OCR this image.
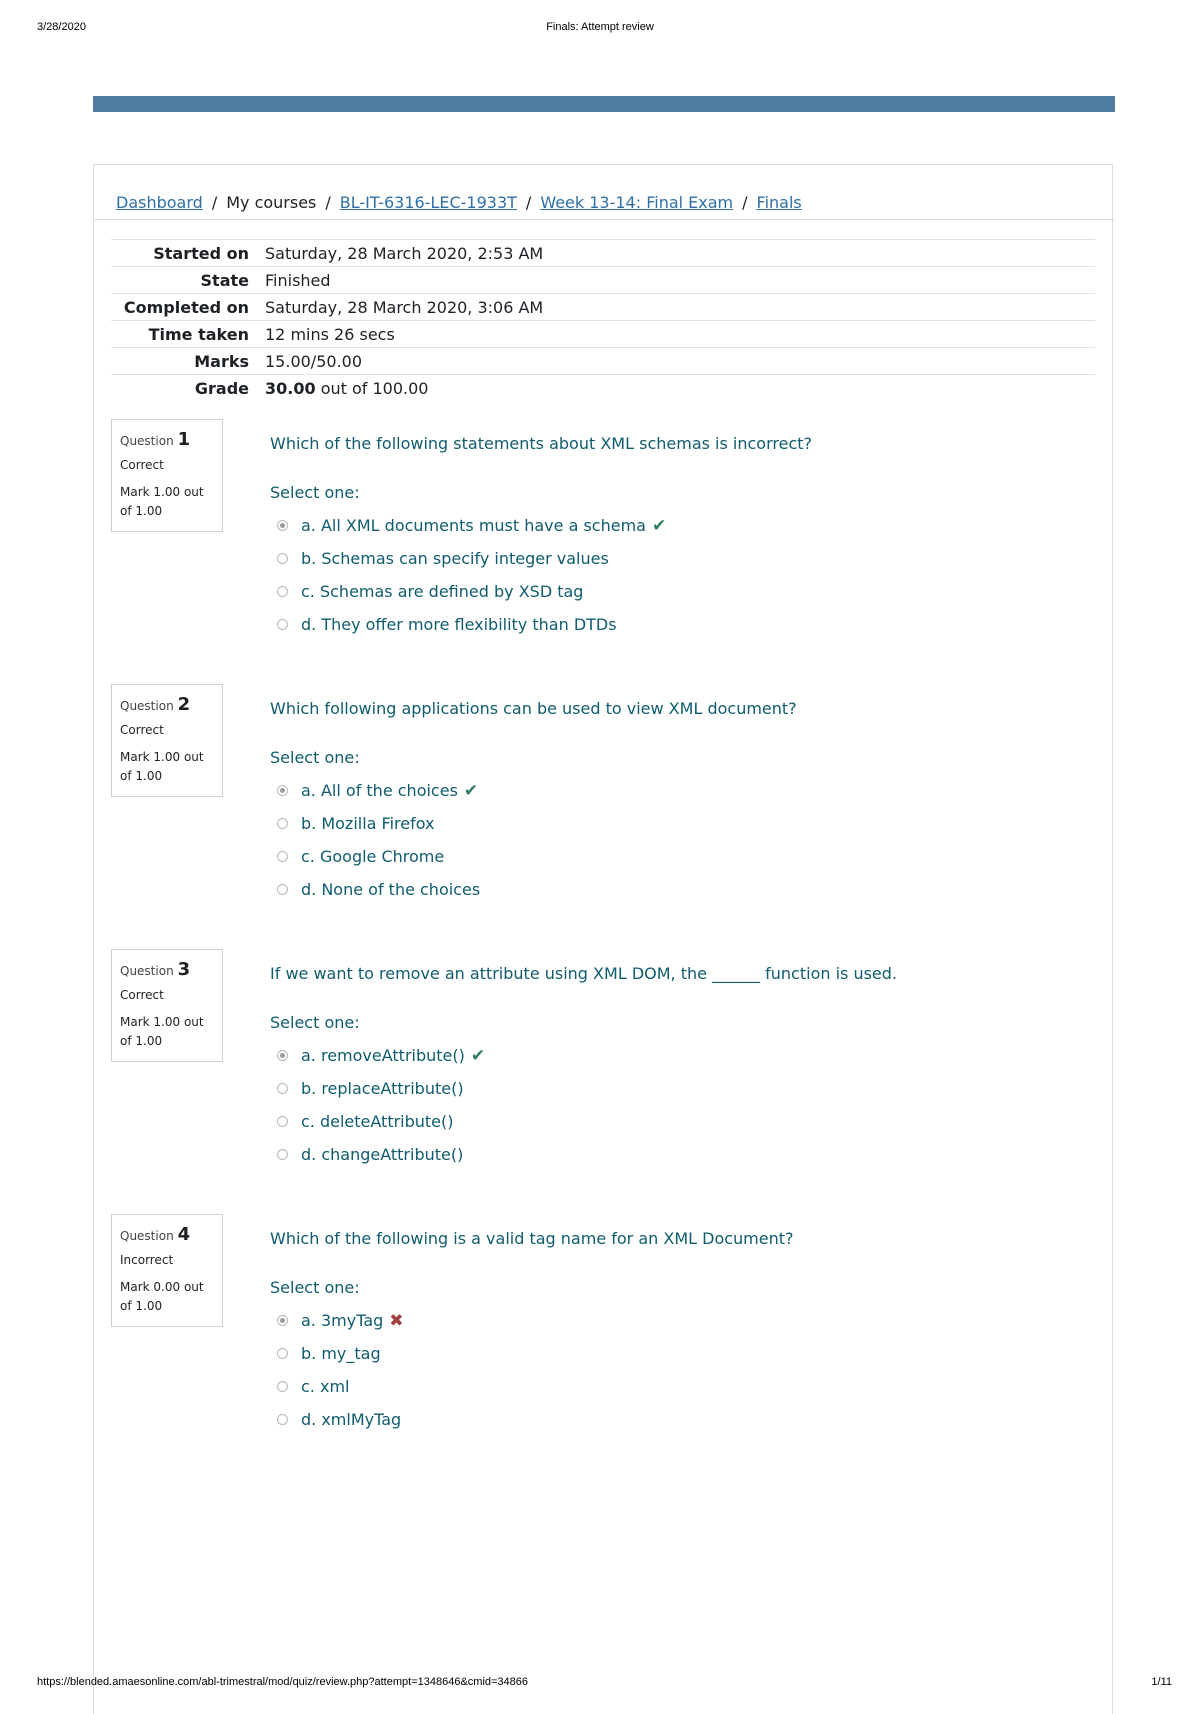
3/28/2020	Finals: Attempt review
Dashboard / My courses / BL-IT-6316-LEC-1933T / Week 13-14: Final Exam / Finals
Started on	Saturday, 28 March 2020, 2:53 AM
State	Finished
Completed on	Saturday, 28 March 2020, 3:06 AM
Time taken	12 mins 26 secs
Marks	15.00/50.00
Grade	30.00 out of 100.00
Question 1
Correct
Mark 1.00 out of 1.00
Which of the following statements about XML schemas is incorrect?
Select one:
a. All XML documents must have a schema ✔
b. Schemas can specify integer values
c. Schemas are defined by XSD tag
d. They offer more flexibility than DTDs
Question 2
Correct
Mark 1.00 out of 1.00
Which following applications can be used to view XML document?
Select one:
a. All of the choices ✔
b. Mozilla Firefox
c. Google Chrome
d. None of the choices
Question 3
Correct
Mark 1.00 out of 1.00
If we want to remove an attribute using XML DOM, the ______ function is used.
Select one:
a. removeAttribute() ✔
b. replaceAttribute()
c. deleteAttribute()
d. changeAttribute()
Question 4
Incorrect
Mark 0.00 out of 1.00
Which of the following is a valid tag name for an XML Document?
Select one:
a. 3myTag ✖
b. my_tag
c. xml
d. xmlMyTag
https://blended.amaesonline.com/abl-trimestral/mod/quiz/review.php?attempt=1348646&cmid=34866	1/11
